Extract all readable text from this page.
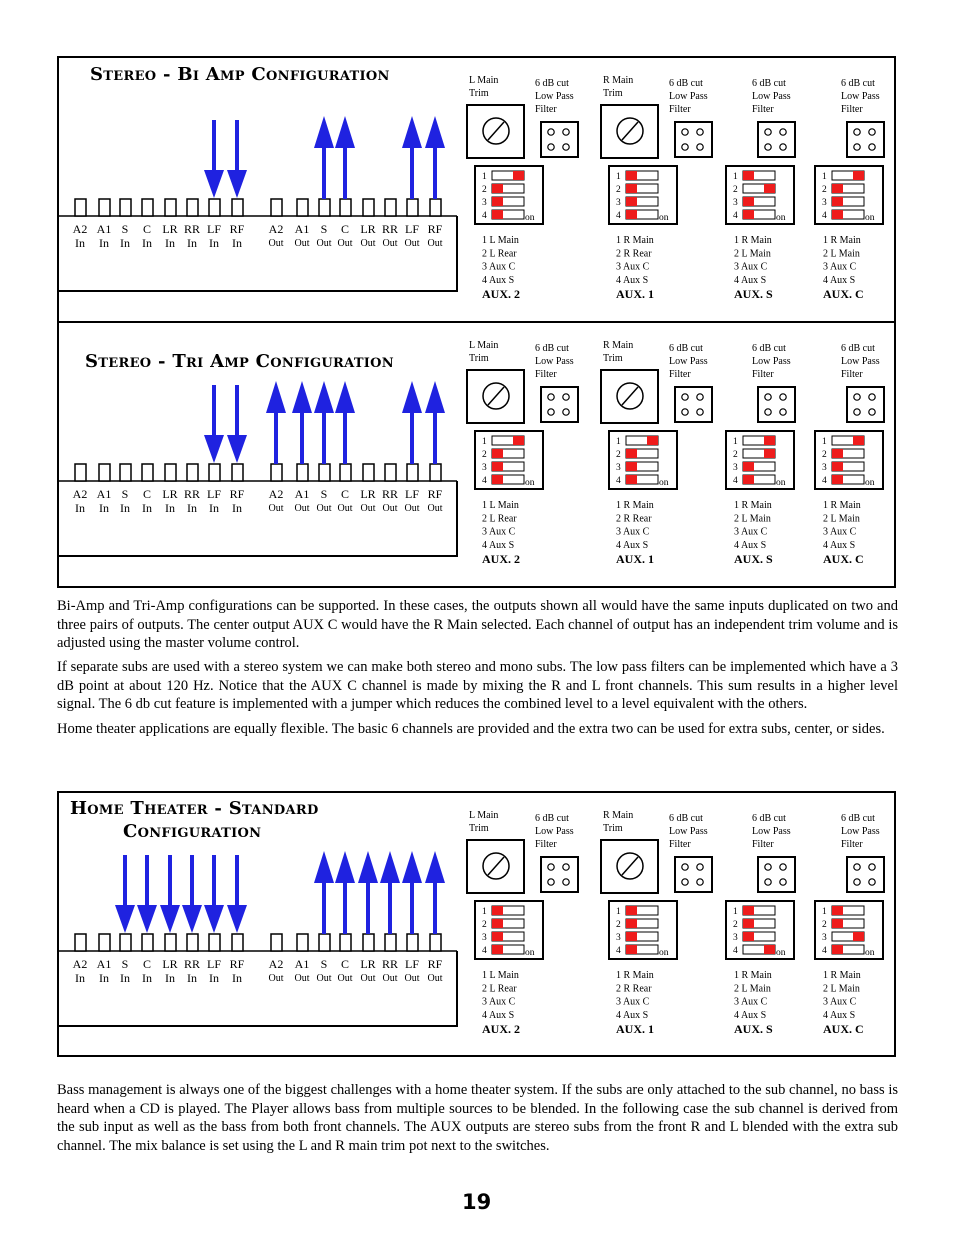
Stereo - Bi Amp Configuration
A2
In
A1
In
S
In
C
In
LR
In
RR
In
LF
In
RF
In
A2
Out
A1
Out
S
Out
C
Out
LR
Out
RR
Out
LF
Out
RF
Out
L Main
Trim
6 dB cut
Low Pass
Filter
1
2
3
4	on
1 L Main
2 L Rear
3 Aux C
4 Aux S
AUX. 2
R Main
Trim
6 dB cut
Low Pass
Filter
1
2
3
4	on
1 R Main
2 R Rear
3 Aux C
4 Aux S
AUX. 1
6 dB cut
Low Pass
Filter
1
2
3
4	on
1 R Main
2 L Main
3 Aux C
4 Aux S
AUX. S
6 dB cut
Low Pass
Filter
1
2
3
4	on
1 R Main
2 L Main
3 Aux C
4 Aux S
AUX. C
Stereo - Tri Amp Configuration
A2
In
A1
In
S
In
C
In
LR
In
RR
In
LF
In
RF
In
A2
Out
A1
Out
S
Out
C
Out
LR
Out
RR
Out
LF
Out
RF
Out
L Main
Trim
6 dB cut
Low Pass
Filter
1
2
3
4	on
1 L Main
2 L Rear
3 Aux C
4 Aux S
AUX. 2
R Main
Trim
6 dB cut
Low Pass
Filter
1
2
3
4	on
1 R Main
2 R Rear
3 Aux C
4 Aux S
AUX. 1
6 dB cut
Low Pass
Filter
1
2
3
4	on
1 R Main
2 L Main
3 Aux C
4 Aux S
AUX. S
6 dB cut
Low Pass
Filter
1
2
3
4	on
1 R Main
2 L Main
3 Aux C
4 Aux S
AUX. C

Bi-Amp and Tri-Amp configurations can be supported. In these cases, the outputs shown all would have the same inputs duplicated on two and three pairs of outputs. The center output AUX C would have the R Main selected. Each channel of output has an independent trim volume and is adjusted using the master volume control.

If separate subs are used with a stereo system we can make both stereo and mono subs. The low pass filters can be implemented which have a 3 dB point at about 120 Hz. Notice that the AUX C channel is made by mixing the R and L front channels. This sum results in a higher level signal. The 6 db cut feature is implemented with a jumper which reduces the combined level to a level equivalent with the others.

Home theater applications are equally flexible. The basic 6 channels are provided and the extra two can be used for extra subs, center, or sides.

Home Theater - Standard
Configuration
A2
In
A1
In
S
In
C
In
LR
In
RR
In
LF
In
RF
In
A2
Out
A1
Out
S
Out
C
Out
LR
Out
RR
Out
LF
Out
RF
Out
L Main
Trim
6 dB cut
Low Pass
Filter
1
2
3
4	on
1 L Main
2 L Rear
3 Aux C
4 Aux S
AUX. 2
R Main
Trim
6 dB cut
Low Pass
Filter
1
2
3
4	on
1 R Main
2 R Rear
3 Aux C
4 Aux S
AUX. 1
6 dB cut
Low Pass
Filter
1
2
3
4	on
1 R Main
2 L Main
3 Aux C
4 Aux S
AUX. S
6 dB cut
Low Pass
Filter
1
2
3
4	on
1 R Main
2 L Main
3 Aux C
4 Aux S
AUX. C

Bass management is always one of the biggest challenges with a home theater system. If the subs are only attached to the sub channel, no bass is heard when a CD is played. The Player allows bass from multiple sources to be blended. In the following case the sub channel is derived from the sub input as well as the bass from both front channels. The AUX outputs are stereo subs from the front R and L blended with the extra sub channel. The mix balance is set using the L and R main trim pot next to the switches.

19
